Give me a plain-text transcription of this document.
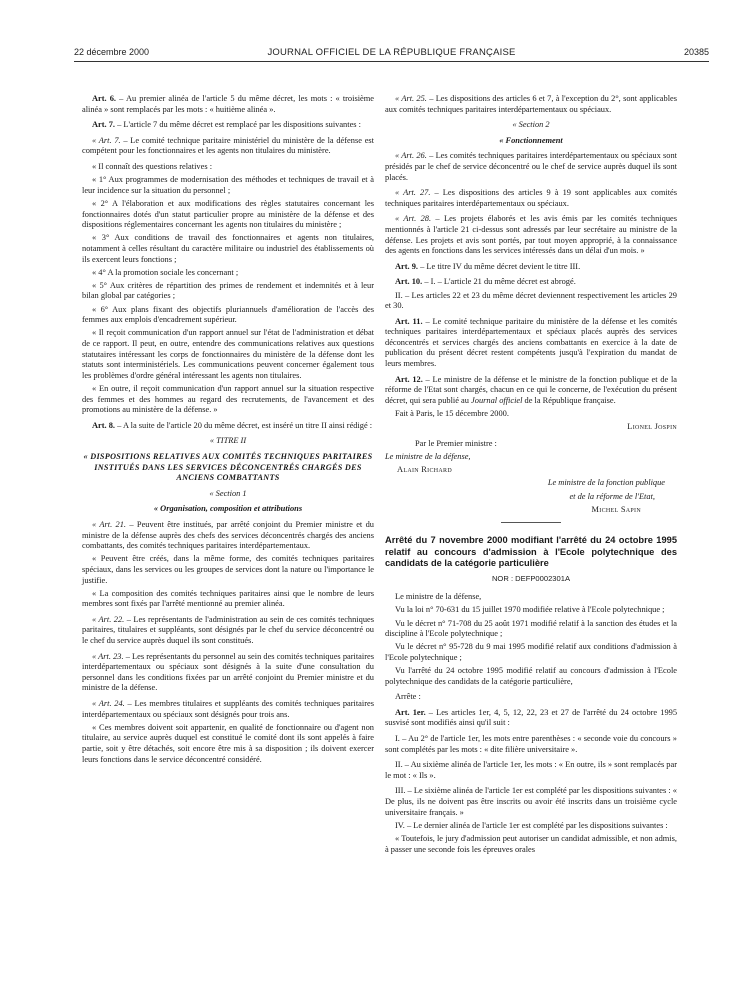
22 décembre 2000	JOURNAL OFFICIEL DE LA RÉPUBLIQUE FRANÇAISE	20385

Art. 6. – Au premier alinéa de l'article 5 du même décret, les mots : « troisième alinéa » sont remplacés par les mots : « huitième alinéa ».

Art. 7. – L'article 7 du même décret est remplacé par les dispositions suivantes :

« Art. 7. – Le comité technique paritaire ministériel du ministère de la défense est compétent pour les fonctionnaires et les agents non titulaires du ministère.

« Il connaît des questions relatives :

« 1° Aux programmes de modernisation des méthodes et techniques de travail et à leur incidence sur la situation du personnel ;

« 2° A l'élaboration et aux modifications des règles statutaires concernant les fonctionnaires dotés d'un statut particulier propre au ministère de la défense et des dispositions réglementaires concernant les agents non titulaires du ministère ;

« 3° Aux conditions de travail des fonctionnaires et agents non titulaires, notamment à celles résultant du caractère militaire ou industriel des établissements où ils exercent leurs fonctions ;

« 4° A la promotion sociale les concernant ;

« 5° Aux critères de répartition des primes de rendement et indemnités et à leur bilan global par catégories ;

« 6° Aux plans fixant des objectifs pluriannuels d'amélioration de l'accès des femmes aux emplois d'encadrement supérieur.

« Il reçoit communication d'un rapport annuel sur l'état de l'administration et débat de ce rapport. Il peut, en outre, entendre des communications relatives aux questions statutaires intéressant les corps de fonctionnaires du ministère de la défense dont les statuts sont interministériels. Les communications peuvent concerner également tous les problèmes d'ordre général intéressant les agents non titulaires.

« En outre, il reçoit communication d'un rapport annuel sur la situation respective des femmes et des hommes au regard des recrutements, de l'avancement et des promotions au ministère de la défense. »

Art. 8. – A la suite de l'article 20 du même décret, est inséré un titre II ainsi rédigé :

« TITRE II

« DISPOSITIONS RELATIVES AUX COMITÉS TECHNIQUES PARITAIRES INSTITUÉS DANS LES SERVICES DÉCONCENTRÉS CHARGÉS DES ANCIENS COMBATTANTS

« Section 1

« Organisation, composition et attributions

« Art. 21. – Peuvent être institués, par arrêté conjoint du Premier ministre et du ministre de la défense auprès des chefs des services déconcentrés chargés des anciens combattants, des comités techniques paritaires interdépartementaux.

« Peuvent être créés, dans la même forme, des comités techniques paritaires spéciaux, dans les services ou les groupes de services dont la nature ou l'importance le justifie.

« La composition des comités techniques paritaires ainsi que le nombre de leurs membres sont fixés par l'arrêté mentionné au premier alinéa.

« Art. 22. – Les représentants de l'administration au sein de ces comités techniques paritaires, titulaires et suppléants, sont désignés par le chef du service déconcentré ou le chef du service auprès duquel ils sont constitués.

« Art. 23. – Les représentants du personnel au sein des comités techniques paritaires interdépartementaux ou spéciaux sont désignés à la suite d'une consultation du personnel dans les conditions fixées par un arrêté conjoint du Premier ministre et du ministre de la défense.

« Art. 24. – Les membres titulaires et suppléants des comités techniques paritaires interdépartementaux ou spéciaux sont désignés pour trois ans.

« Ces membres doivent soit appartenir, en qualité de fonctionnaire ou d'agent non titulaire, au service auprès duquel est constitué le comité dont ils sont appelés à faire partie, soit y être détachés, soit encore être mis à sa disposition ; ils doivent exercer leurs fonctions dans le service déconcentré considéré.

« Art. 25. – Les dispositions des articles 6 et 7, à l'exception du 2°, sont applicables aux comités techniques paritaires interdépartementaux ou spéciaux.

« Section 2

« Fonctionnement

« Art. 26. – Les comités techniques paritaires interdépartementaux ou spéciaux sont présidés par le chef de service déconcentré ou le chef de service auprès duquel ils sont placés.

« Art. 27. – Les dispositions des articles 9 à 19 sont applicables aux comités techniques paritaires interdépartementaux ou spéciaux.

« Art. 28. – Les projets élaborés et les avis émis par les comités techniques mentionnés à l'article 21 ci-dessus sont adressés par leur secrétaire au ministre de la défense. Les projets et avis sont portés, par tout moyen approprié, à la connaissance des agents en fonctions dans les services intéressés dans un délai d'un mois. »

Art. 9. – Le titre IV du même décret devient le titre III.

Art. 10. – I. – L'article 21 du même décret est abrogé.

II. – Les articles 22 et 23 du même décret deviennent respectivement les articles 29 et 30.

Art. 11. – Le comité technique paritaire du ministère de la défense et les comités techniques paritaires interdépartementaux et spéciaux placés auprès des services déconcentrés et services chargés des anciens combattants en exercice à la date de publication du présent décret restent compétents jusqu'à l'expiration du mandat de leurs membres.

Art. 12. – Le ministre de la défense et le ministre de la fonction publique et de la réforme de l'Etat sont chargés, chacun en ce qui le concerne, de l'exécution du présent décret, qui sera publié au Journal officiel de la République française.

Fait à Paris, le 15 décembre 2000.

Lionel Jospin

Par le Premier ministre :

Le ministre de la défense,

Alain Richard

Le ministre de la fonction publique

et de la réforme de l'Etat,

Michel Sapin

Arrêté du 7 novembre 2000 modifiant l'arrêté du 24 octobre 1995 relatif au concours d'admission à l'Ecole polytechnique des candidats de la catégorie particulière
NOR : DEFP0002301A

Le ministre de la défense,

Vu la loi n° 70-631 du 15 juillet 1970 modifiée relative à l'Ecole polytechnique ;

Vu le décret n° 71-708 du 25 août 1971 modifié relatif à la sanction des études et la discipline à l'Ecole polytechnique ;

Vu le décret n° 95-728 du 9 mai 1995 modifié relatif aux conditions d'admission à l'Ecole polytechnique ;

Vu l'arrêté du 24 octobre 1995 modifié relatif au concours d'admission à l'Ecole polytechnique des candidats de la catégorie particulière,

Arrête :

Art. 1er. – Les articles 1er, 4, 5, 12, 22, 23 et 27 de l'arrêté du 24 octobre 1995 susvisé sont modifiés ainsi qu'il suit :

I. – Au 2° de l'article 1er, les mots entre parenthèses : « seconde voie du concours » sont complétés par les mots : « dite filière universitaire ».

II. – Au sixième alinéa de l'article 1er, les mots : « En outre, ils » sont remplacés par le mot : « Ils ».

III. – Le sixième alinéa de l'article 1er est complété par les dispositions suivantes : « De plus, ils ne doivent pas être inscrits ou avoir été inscrits dans un troisième cycle universitaire français. »

IV. – Le dernier alinéa de l'article 1er est complété par les dispositions suivantes :

« Toutefois, le jury d'admission peut autoriser un candidat admissible, et non admis, à passer une seconde fois les épreuves orales
